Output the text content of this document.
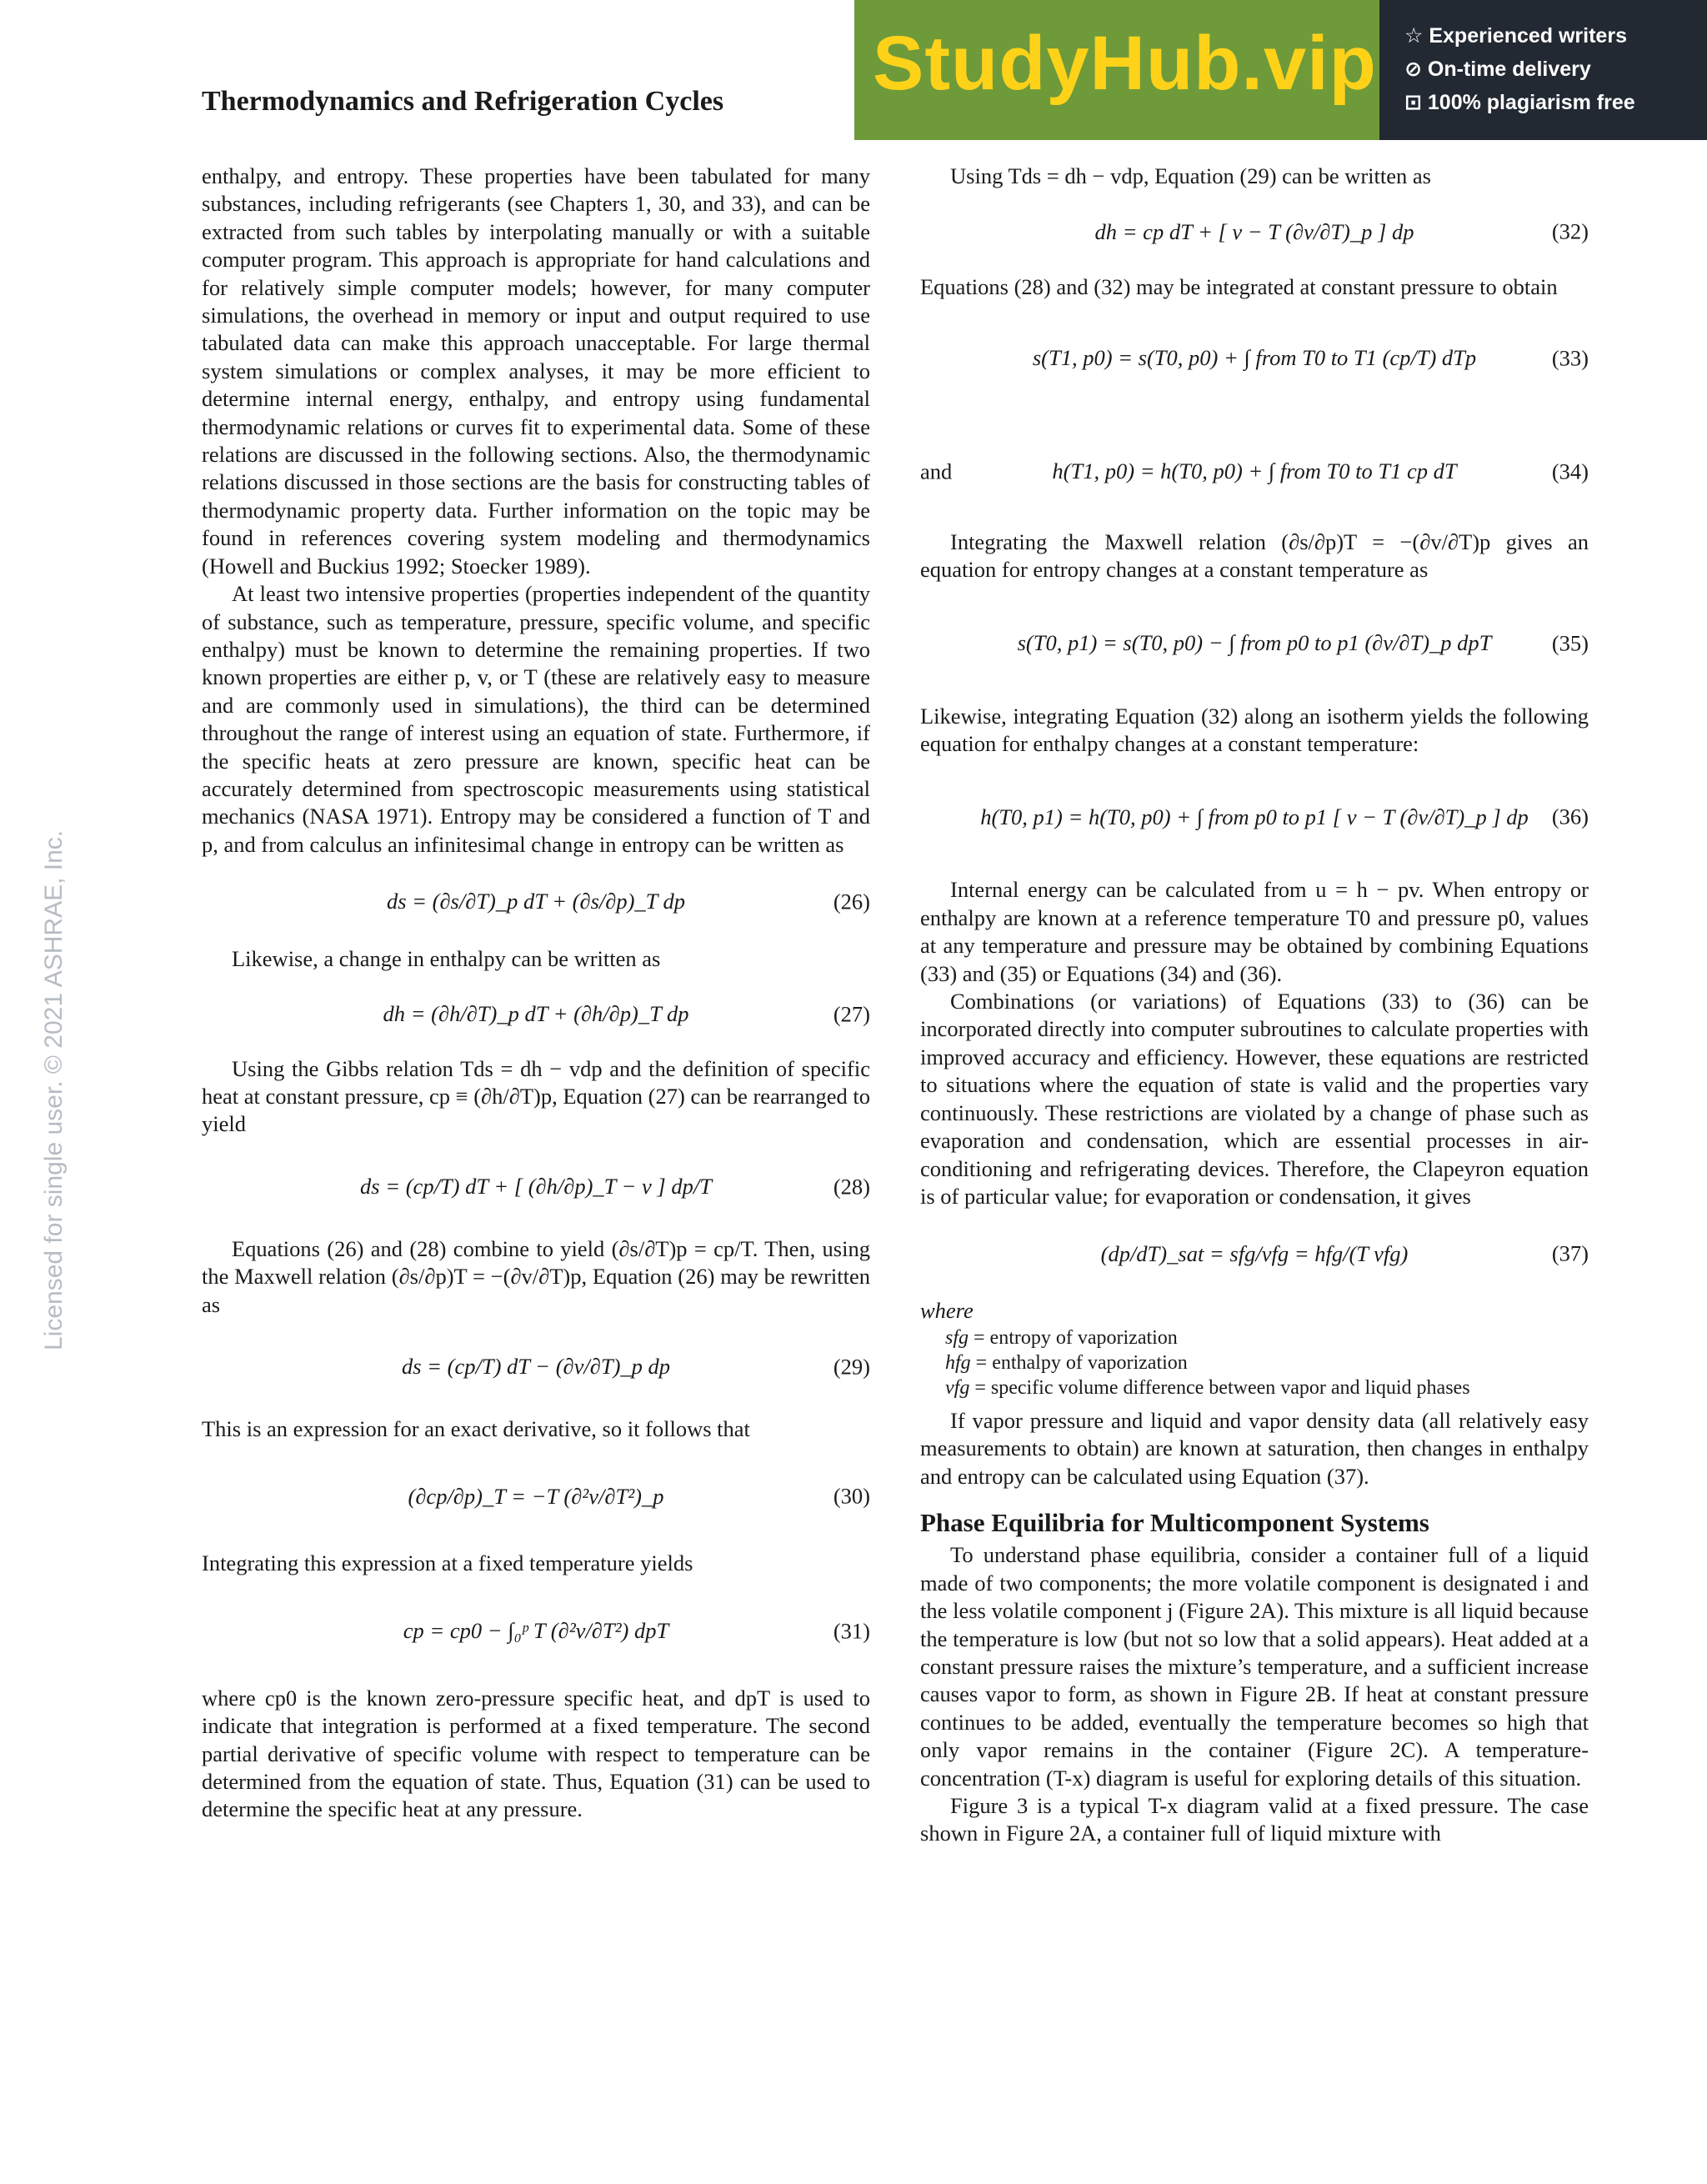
Thermodynamics and Refrigeration Cycles StudyHub.vip ☆ Experienced writers
⊘ On-time delivery
⊡ 100% plagiarism free
Licensed for single user. © 2021 ASHRAE, Inc.

enthalpy, and entropy. These properties have been tabulated for many substances, including refrigerants (see Chapters 1, 30, and 33), and can be extracted from such tables by interpolating manually or with a suitable computer program. This approach is appropriate for hand calculations and for relatively simple computer models; however, for many computer simulations, the overhead in memory or input and output required to use tabulated data can make this approach unacceptable. For large thermal system simulations or complex analyses, it may be more efficient to determine internal energy, enthalpy, and entropy using fundamental thermodynamic relations or curves fit to experimental data. Some of these relations are discussed in the following sections. Also, the thermodynamic relations discussed in those sections are the basis for constructing tables of thermodynamic property data. Further information on the topic may be found in references covering system modeling and thermodynamics (Howell and Buckius 1992; Stoecker 1989).

At least two intensive properties (properties independent of the quantity of substance, such as temperature, pressure, specific volume, and specific enthalpy) must be known to determine the remaining properties. If two known properties are either p, v, or T (these are relatively easy to measure and are commonly used in simulations), the third can be determined throughout the range of interest using an equation of state. Furthermore, if the specific heats at zero pressure are known, specific heat can be accurately determined from spectroscopic measurements using statistical mechanics (NASA 1971). Entropy may be considered a function of T and p, and from calculus an infinitesimal change in entropy can be written as

ds = (∂s/∂T)_p dT + (∂s/∂p)_T dp	(26)

Likewise, a change in enthalpy can be written as

dh = (∂h/∂T)_p dT + (∂h/∂p)_T dp	(27)

Using the Gibbs relation Tds = dh − vdp and the definition of specific heat at constant pressure, cp ≡ (∂h/∂T)p, Equation (27) can be rearranged to yield

ds = (cp/T) dT + [ (∂h/∂p)_T − v ] dp/T	(28)

Equations (26) and (28) combine to yield (∂s/∂T)p = cp/T. Then, using the Maxwell relation (∂s/∂p)T = −(∂v/∂T)p, Equation (26) may be rewritten as

ds = (cp/T) dT − (∂v/∂T)_p dp	(29)

This is an expression for an exact derivative, so it follows that

(∂cp/∂p)_T = −T (∂²v/∂T²)_p	(30)

Integrating this expression at a fixed temperature yields

cp = cp0 − ∫₀ᵖ T (∂²v/∂T²) dpT	(31)

where cp0 is the known zero-pressure specific heat, and dpT is used to indicate that integration is performed at a fixed temperature. The second partial derivative of specific volume with respect to temperature can be determined from the equation of state. Thus, Equation (31) can be used to determine the specific heat at any pressure.

Using Tds = dh − vdp, Equation (29) can be written as

dh = cp dT + [ v − T (∂v/∂T)_p ] dp	(32)

Equations (28) and (32) may be integrated at constant pressure to obtain

s(T1, p0) = s(T0, p0) + ∫ from T0 to T1 (cp/T) dTp	(33)
and	h(T1, p0) = h(T0, p0) + ∫ from T0 to T1 cp dT	(34)

Integrating the Maxwell relation (∂s/∂p)T = −(∂v/∂T)p gives an equation for entropy changes at a constant temperature as

s(T0, p1) = s(T0, p0) − ∫ from p0 to p1 (∂v/∂T)_p dpT	(35)

Likewise, integrating Equation (32) along an isotherm yields the following equation for enthalpy changes at a constant temperature:

h(T0, p1) = h(T0, p0) + ∫ from p0 to p1 [ v − T (∂v/∂T)_p ] dp (36)

Internal energy can be calculated from u = h − pv. When entropy or enthalpy are known at a reference temperature T0 and pressure p0, values at any temperature and pressure may be obtained by combining Equations (33) and (35) or Equations (34) and (36).

Combinations (or variations) of Equations (33) to (36) can be incorporated directly into computer subroutines to calculate properties with improved accuracy and efficiency. However, these equations are restricted to situations where the equation of state is valid and the properties vary continuously. These restrictions are violated by a change of phase such as evaporation and condensation, which are essential processes in air-conditioning and refrigerating devices. Therefore, the Clapeyron equation is of particular value; for evaporation or condensation, it gives

(dp/dT)_sat = sfg/vfg = hfg/(T vfg)	(37)
where
sfg = entropy of vaporization
hfg = enthalpy of vaporization
vfg = specific volume difference between vapor and liquid phases

If vapor pressure and liquid and vapor density data (all relatively easy measurements to obtain) are known at saturation, then changes in enthalpy and entropy can be calculated using Equation (37).

Phase Equilibria for Multicomponent Systems

To understand phase equilibria, consider a container full of a liquid made of two components; the more volatile component is designated i and the less volatile component j (Figure 2A). This mixture is all liquid because the temperature is low (but not so low that a solid appears). Heat added at a constant pressure raises the mixture’s temperature, and a sufficient increase causes vapor to form, as shown in Figure 2B. If heat at constant pressure continues to be added, eventually the temperature becomes so high that only vapor remains in the container (Figure 2C). A temperature-concentration (T-x) diagram is useful for exploring details of this situation.

Figure 3 is a typical T-x diagram valid at a fixed pressure. The case shown in Figure 2A, a container full of liquid mixture with
